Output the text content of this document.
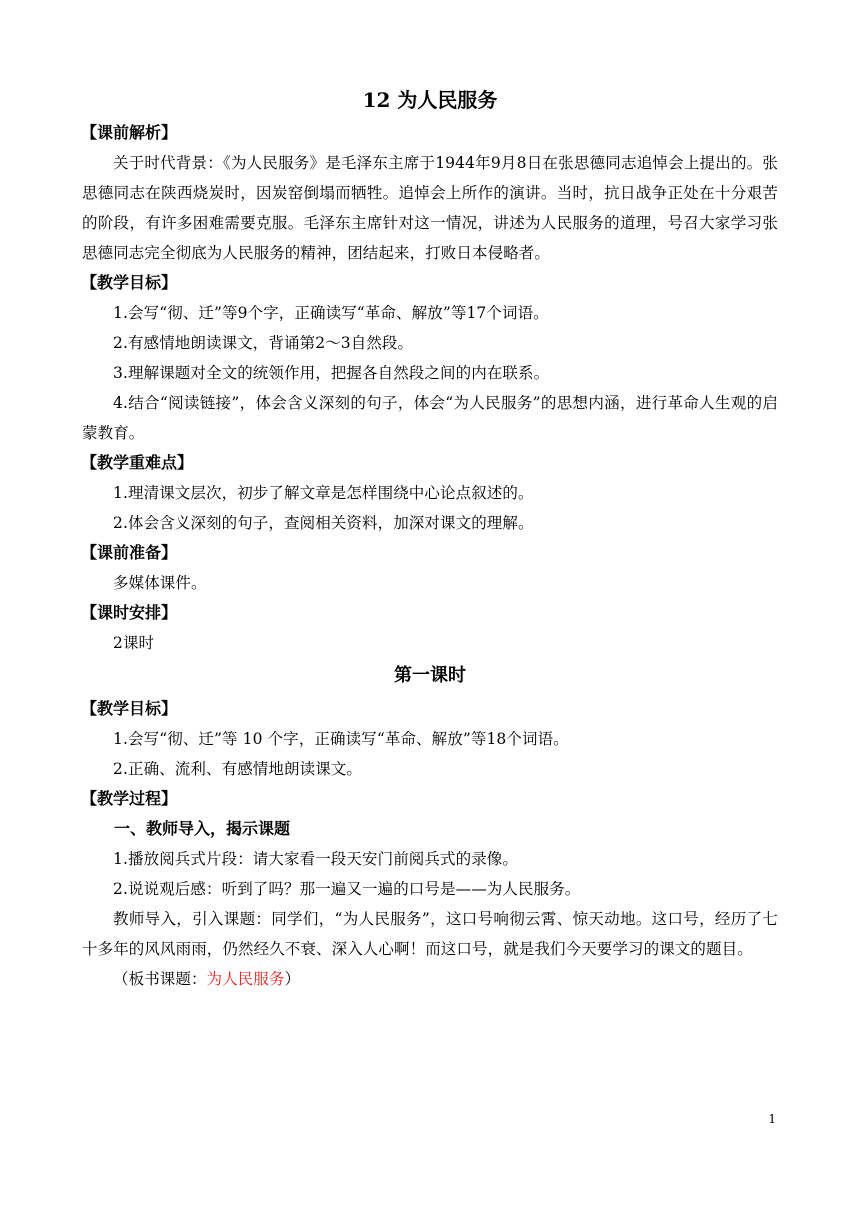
12 为人民服务

【课前解析】

关于时代背景：《为人民服务》是毛泽东主席于1944年9月8日在张思德同志追悼会上提出的。张思德同志在陕西烧炭时，因炭窑倒塌而牺牲。追悼会上所作的演讲。当时，抗日战争正处在十分艰苦的阶段，有许多困难需要克服。毛泽东主席针对这一情况，讲述为人民服务的道理，号召大家学习张思德同志完全彻底为人民服务的精神，团结起来，打败日本侵略者。

【教学目标】

1.会写“彻、迁”等9个字，正确读写“革命、解放”等17个词语。

2.有感情地朗读课文，背诵第2～3自然段。

3.理解课题对全文的统领作用，把握各自然段之间的内在联系。

4.结合“阅读链接”，体会含义深刻的句子，体会“为人民服务”的思想内涵，进行革命人生观的启蒙教育。

【教学重难点】

1.理清课文层次，初步了解文章是怎样围绕中心论点叙述的。

2.体会含义深刻的句子，查阅相关资料，加深对课文的理解。

【课前准备】

多媒体课件。

【课时安排】

2课时

第一课时

【教学目标】

1.会写“彻、迁”等 10 个字，正确读写“革命、解放”等18个词语。

2.正确、流利、有感情地朗读课文。

【教学过程】

一、教师导入，揭示课题

1.播放阅兵式片段：请大家看一段天安门前阅兵式的录像。

2.说说观后感：听到了吗？那一遍又一遍的口号是——为人民服务。

教师导入，引入课题：同学们，“为人民服务”，这口号响彻云霄、惊天动地。这口号，经历了七十多年的风风雨雨，仍然经久不衰、深入人心啊！而这口号，就是我们今天要学习的课文的题目。

（板书课题：为人民服务）

1
